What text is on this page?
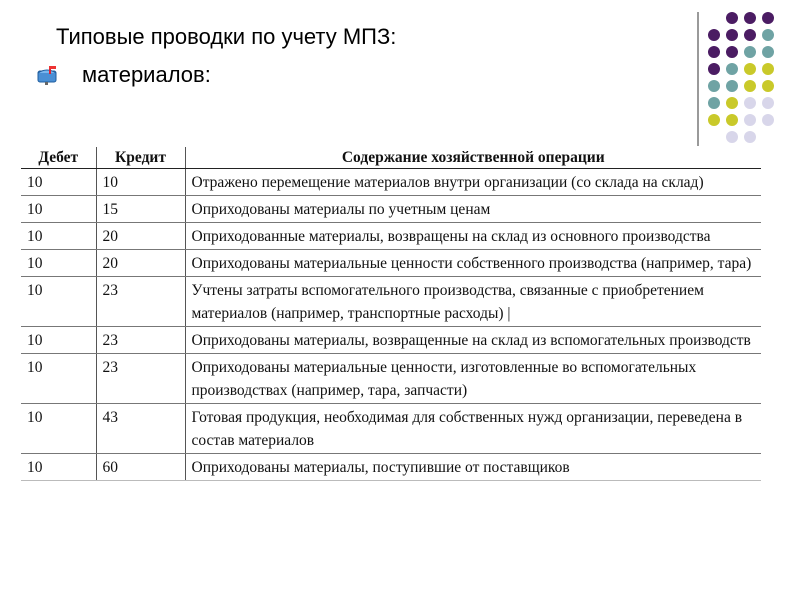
Типовые проводки по учету МПЗ:
материалов:
Дебет	Кредит	Содержание хозяйственной операции
10	10	Отражено перемещение материалов внутри организации (со склада на склад)
10	15	Оприходованы материалы по учетным ценам
10	20	Оприходованные материалы, возвращены на склад из основного производства
10	20	Оприходованы материальные ценности собственного производства (например, тара)
10	23	Учтены затраты вспомогательного производства, связанные с приобретением материалов (например, транспортные расходы) |
10	23	Оприходованы материалы, возвращенные на склад из вспомогательных производств
10	23	Оприходованы материальные ценности, изготовленные во вспомогательных производствах (например, тара, запчасти)
10	43	Готовая продукция, необходимая для собственных нужд организации, переведена в состав материалов
10	60	Оприходованы материалы, поступившие от поставщиков
